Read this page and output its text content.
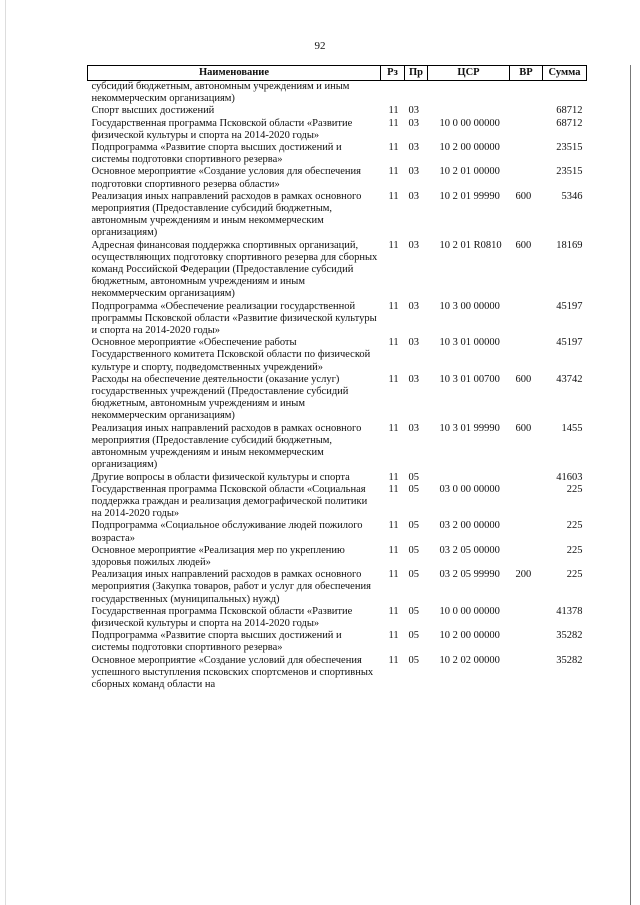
92
Наименование	Рз	Пр	ЦСР	ВР	Сумма
субсидий бюджетным, автономным учреждениям и иным некоммерческим организациям)					
Спорт высших достижений	11	03			68712
Государственная программа Псковской области «Развитие физической культуры и спорта на 2014-2020 годы»	11	03	10 0 00 00000		68712
Подпрограмма «Развитие спорта высших достижений и системы подготовки спортивного резерва»	11	03	10 2 00 00000		23515
Основное мероприятие «Создание условия для обеспечения подготовки спортивного резерва области»	11	03	10 2 01 00000		23515
Реализация иных направлений расходов в рамках основного мероприятия (Предоставление субсидий бюджетным, автономным учреждениям и иным некоммерческим организациям)	11	03	10 2 01 99990	600	5346
Адресная финансовая поддержка спортивных организаций, осуществляющих подготовку спортивного резерва для сборных команд Российской Федерации (Предоставление субсидий бюджетным, автономным учреждениям и иным некоммерческим организациям)	11	03	10 2 01 R0810	600	18169
Подпрограмма «Обеспечение реализации государственной программы Псковской области «Развитие физической культуры и спорта на 2014-2020 годы»	11	03	10 3 00 00000		45197
Основное мероприятие «Обеспечение работы Государственного комитета Псковской области по физической культуре и спорту, подведомственных учреждений»	11	03	10 3 01 00000		45197
Расходы на обеспечение деятельности (оказание услуг) государственных учреждений (Предоставление субсидий бюджетным, автономным учреждениям и иным некоммерческим организациям)	11	03	10 3 01 00700	600	43742
Реализация иных направлений расходов в рамках основного мероприятия (Предоставление субсидий бюджетным, автономным учреждениям и иным некоммерческим организациям)	11	03	10 3 01 99990	600	1455
Другие вопросы в области физической культуры и спорта	11	05			41603
Государственная программа Псковской области «Социальная поддержка граждан и реализация демографической политики на 2014-2020 годы»	11	05	03 0 00 00000		225
Подпрограмма «Социальное обслуживание людей пожилого возраста»	11	05	03 2 00 00000		225
Основное мероприятие «Реализация мер по укреплению здоровья пожилых людей»	11	05	03 2 05 00000		225
Реализация иных направлений расходов в рамках основного мероприятия (Закупка товаров, работ и услуг для обеспечения государственных (муниципальных) нужд)	11	05	03 2 05 99990	200	225
Государственная программа Псковской области «Развитие физической культуры и спорта на 2014-2020 годы»	11	05	10 0 00 00000		41378
Подпрограмма «Развитие спорта высших достижений и системы подготовки спортивного резерва»	11	05	10 2 00 00000		35282
Основное мероприятие «Создание условий для обеспечения успешного выступления псковских спортсменов и спортивных сборных команд области на	11	05	10 2 02 00000		35282
